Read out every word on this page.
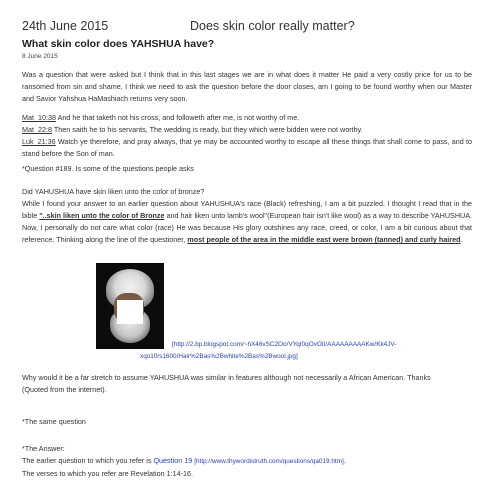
24th June 2015	Does skin color really matter?
What skin color does YAHSHUA have?
8 June 2015
Was a question that were asked but I think that in this last stages we are in what does it matter He paid a very costly price for us to be ransomed from sin and shame, I think we need to ask the question before the door closes, am I going to be found worthy when our Master and Savior Yahshua HaMashiach returns very soon.
Mat_10:38 And he that taketh not his cross, and followeth after me, is not worthy of me.
Mat_22:8 Then saith he to his servants, The wedding is ready, but they which were bidden were not worthy.
Luk_21:36 Watch ye therefore, and pray always, that ye may be accounted worthy to escape all these things that shall come to pass, and to stand before the Son of man.
*Question #189. Is some of the questions people asks
Did YAHUSHUA have skin liken unto the color of bronze?
While I found your answer to an earlier question about YAHUSHUA's race (Black) refreshing, I am a bit puzzled. I thought I read that in the bible "..skin liken unto the color of Bronze and hair liken unto lamb's wool"(European hair isn't like wool) as a way to describe YAHUSHUA. Now, I personally do not care what color (race) He was because His glory outshines any race, creed, or color, I am a bit curious about that reference. Thinking along the line of the questioner, most people of the area in the middle east were brown (tanned) and curly haired.
[http://2.bp.blogspot.com/~hX46vSC2Oo/VYqI0qOvOII/AAAAAAAAAKw/Kk4JV-
xqo10/s1600/Hair%2Bas%2Bwhite%2Bas%2Bwool.jpg]
Why would it be a far stretch to assume YAHUSHUA was similar in features although not necessarily a African American. Thanks
(Quoted from the internet).
*The same question
*The Answer:
The earlier question to which you refer is Question 19 [http://www.thywordistruth.com/questions/qa019.htm].
The verses to which you refer are Revelation 1:14-16.
